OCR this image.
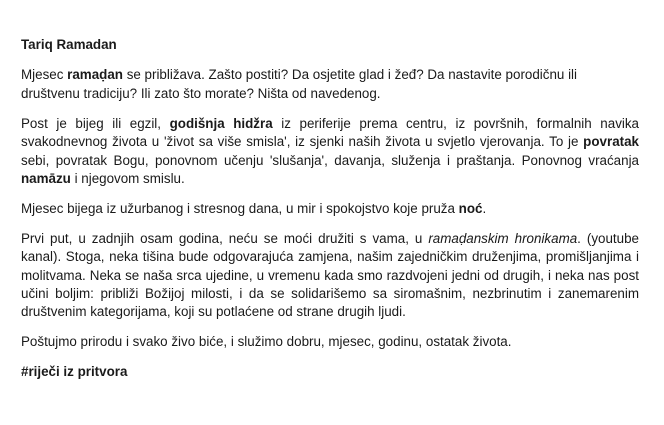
Tariq Ramadan

Mjesec ramaḍan se približava. Zašto postiti? Da osjetite glad i žeđ? Da nastavite porodičnu ili društvenu tradiciju? Ili zato što morate? Ništa od navedenog.

Post je bijeg ili egzil, godišnja hidžra iz periferije prema centru, iz površnih, formalnih navika svakodnevnog života u 'život sa više smisla', iz sjenki naših života u svjetlo vjerovanja. To je povratak sebi, povratak Bogu, ponovnom učenju 'slušanja', davanja, služenja i praštanja. Ponovnog vraćanja namāzu i njegovom smislu.

Mjesec bijega iz užurbanog i stresnog dana, u mir i spokojstvo koje pruža noć.

Prvi put, u zadnjih osam godina, neću se moći družiti s vama, u ramaḍanskim hronikama. (youtube kanal). Stoga, neka tišina bude odgovarajuća zamjena, našim zajedničkim druženjima, promišljanjima i molitvama. Neka se naša srca ujedine, u vremenu kada smo razdvojeni jedni od drugih, i neka nas post učini boljim: približi Božijoj milosti, i da se solidarišemo sa siromašnim, nezbrinutim i zanemarenim društvenim kategorijama, koji su potlaćene od strane drugih ljudi.

Poštujmo prirodu i svako živo biće, i služimo dobru, mjesec, godinu, ostatak života.

#riječi iz pritvora
